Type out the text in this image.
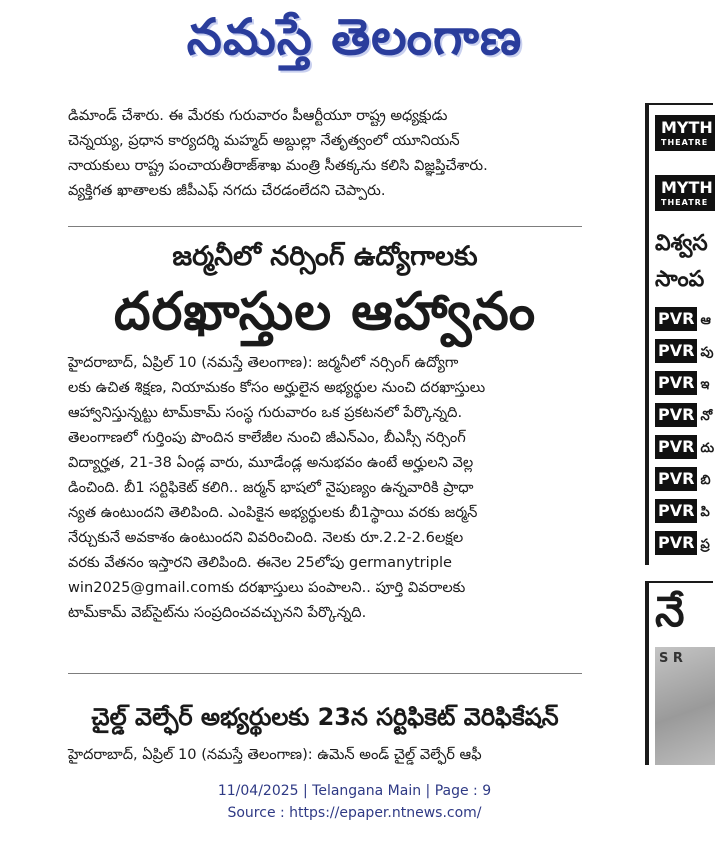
నమస్తే తెలంగాణ

డిమాండ్ చేశారు. ఈ మేరకు గురువారం పీఆర్టీయూ రాష్ట్ర అధ్యక్షుడు

చెన్నయ్య, ప్రధాన కార్యదర్శి మహ్మద్ అబ్దుల్లా నేతృత్వంలో యూనియన్

నాయకులు రాష్ట్ర పంచాయతీరాజ్‌శాఖ మంత్రి సీతక్కను కలిసి విజ్ఞప్తిచేశారు.

వ్యక్తిగత ఖాతాలకు జీపీఎఫ్ నగదు చేరడంలేదని చెప్పారు.

జర్మనీలో నర్సింగ్ ఉద్యోగాలకు
దరఖాస్తుల ఆహ్వానం

హైదరాబాద్, ఏప్రిల్ 10 (నమస్తే తెలంగాణ): జర్మనీలో నర్సింగ్ ఉద్యోగా

లకు ఉచిత శిక్షణ, నియామకం కోసం అర్హులైన అభ్యర్థుల నుంచి దరఖాస్తులు

ఆహ్వానిస్తున్నట్టు టామ్‌కామ్ సంస్థ గురువారం ఒక ప్రకటనలో పేర్కొన్నది.

తెలంగాణలో గుర్తింపు పొందిన కాలేజీల నుంచి జీఎన్ఎం, బీఎస్సీ నర్సింగ్

విద్యార్హత, 21-38 ఏండ్ల వారు, మూడేండ్ల అనుభవం ఉంటే అర్హులని వెల్ల

డించింది. బీ1 సర్టిఫికెట్ కలిగి.. జర్మన్ భాషలో నైపుణ్యం ఉన్నవారికి ప్రాధా

న్యత ఉంటుందని తెలిపింది. ఎంపికైన అభ్యర్థులకు బీ1స్థాయి వరకు జర్మన్

నేర్చుకునే అవకాశం ఉంటుందని వివరించింది. నెలకు రూ.2.2-2.6లక్షల

వరకు వేతనం ఇస్తారని తెలిపింది. ఈనెల 25లోపు germanytriple

win2025@gmail.comకు దరఖాస్తులు పంపాలని.. పూర్తి వివరాలకు

టామ్‌కామ్ వెబ్‌సైట్‌ను సంప్రదించవచ్చునని పేర్కొన్నది.

చైల్డ్ వెల్ఫేర్ అభ్యర్థులకు 23న సర్టిఫికెట్ వెరిఫికేషన్

హైదరాబాద్, ఏప్రిల్ 10 (నమస్తే తెలంగాణ): ఉమెన్ అండ్ చైల్డ్ వెల్ఫేర్ ఆఫీ

MYTH
THEATRE
MYTH
THEATRE
విశ్వస
సాంప
PVR ఆ
PVR పు
PVR ఇ
PVR నో
PVR దు
PVR బి
PVR పి
PVR ప్ర
నే
S R
11/04/2025 | Telangana Main | Page : 9
Source : https://epaper.ntnews.com/
